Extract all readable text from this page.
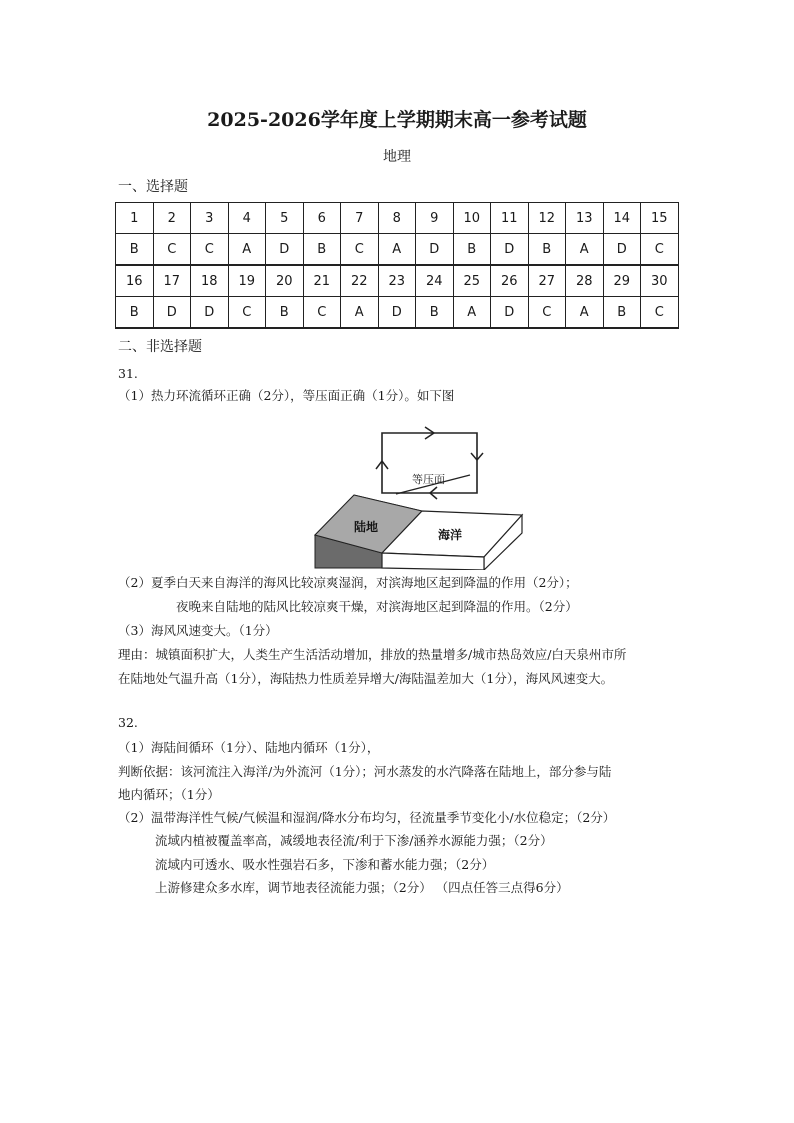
2025-2026学年度上学期期末高一参考试题
地理
一、选择题
1	2	3	4	5	6	7	8	9	10	11	12	13	14	15
B	C	C	A	D	B	C	A	D	B	D	B	A	D	C
16	17	18	19	20	21	22	23	24	25	26	27	28	29	30
B	D	D	C	B	C	A	D	B	A	D	C	A	B	C
二、非选择题
31.
（1）热力环流循环正确（2分），等压面正确（1分）。如下图
等压面
陆地
海洋
（2）夏季白天来自海洋的海风比较凉爽湿润，对滨海地区起到降温的作用（2分）；
夜晚来自陆地的陆风比较凉爽干燥，对滨海地区起到降温的作用。（2分）
（3）海风风速变大。（1分）
理由：城镇面积扩大，人类生产生活活动增加，排放的热量增多/城市热岛效应/白天泉州市所
在陆地处气温升高（1分），海陆热力性质差异增大/海陆温差加大（1分），海风风速变大。
32.
（1）海陆间循环（1分）、陆地内循环（1分），
判断依据：该河流注入海洋/为外流河（1分）；河水蒸发的水汽降落在陆地上，部分参与陆
地内循环；（1分）
（2）温带海洋性气候/气候温和湿润/降水分布均匀，径流量季节变化小/水位稳定；（2分）
流域内植被覆盖率高，减缓地表径流/利于下渗/涵养水源能力强；（2分）
流域内可透水、吸水性强岩石多，下渗和蓄水能力强；（2分）
上游修建众多水库，调节地表径流能力强；（2分） （四点任答三点得6分）
